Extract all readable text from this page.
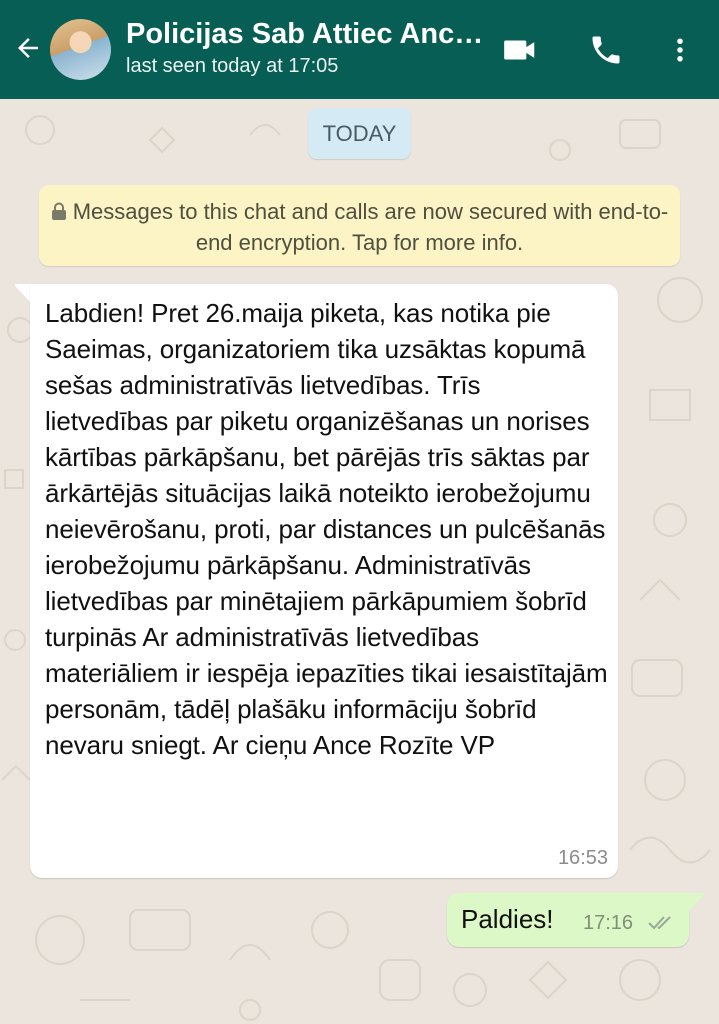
Policijas Sab Attiec Anc…
last seen today at 17:05
TODAY
Messages to this chat and calls are now secured with end-to-end encryption. Tap for more info.
Labdien! Pret 26.maija piketa, kas notika pie Saeimas, organizatoriem tika uzsāktas kopumā sešas administratīvās lietvedības. Trīs lietvedības par piketu organizēšanas un norises kārtības pārkāpšanu, bet pārējās trīs sāktas par ārkārtējās situācijas laikā noteikto ierobežojumu neievērošanu, proti, par distances un pulcēšanās ierobežojumu pārkāpšanu. Administratīvās lietvedības par minētajiem pārkāpumiem šobrīd turpinās Ar administratīvās lietvedības materiāliem ir iespēja iepazīties tikai iesaistītajām personām, tādēļ plašāku informāciju šobrīd nevaru sniegt. Ar cieņu Ance Rozīte VP
16:53
Paldies! 17:16
